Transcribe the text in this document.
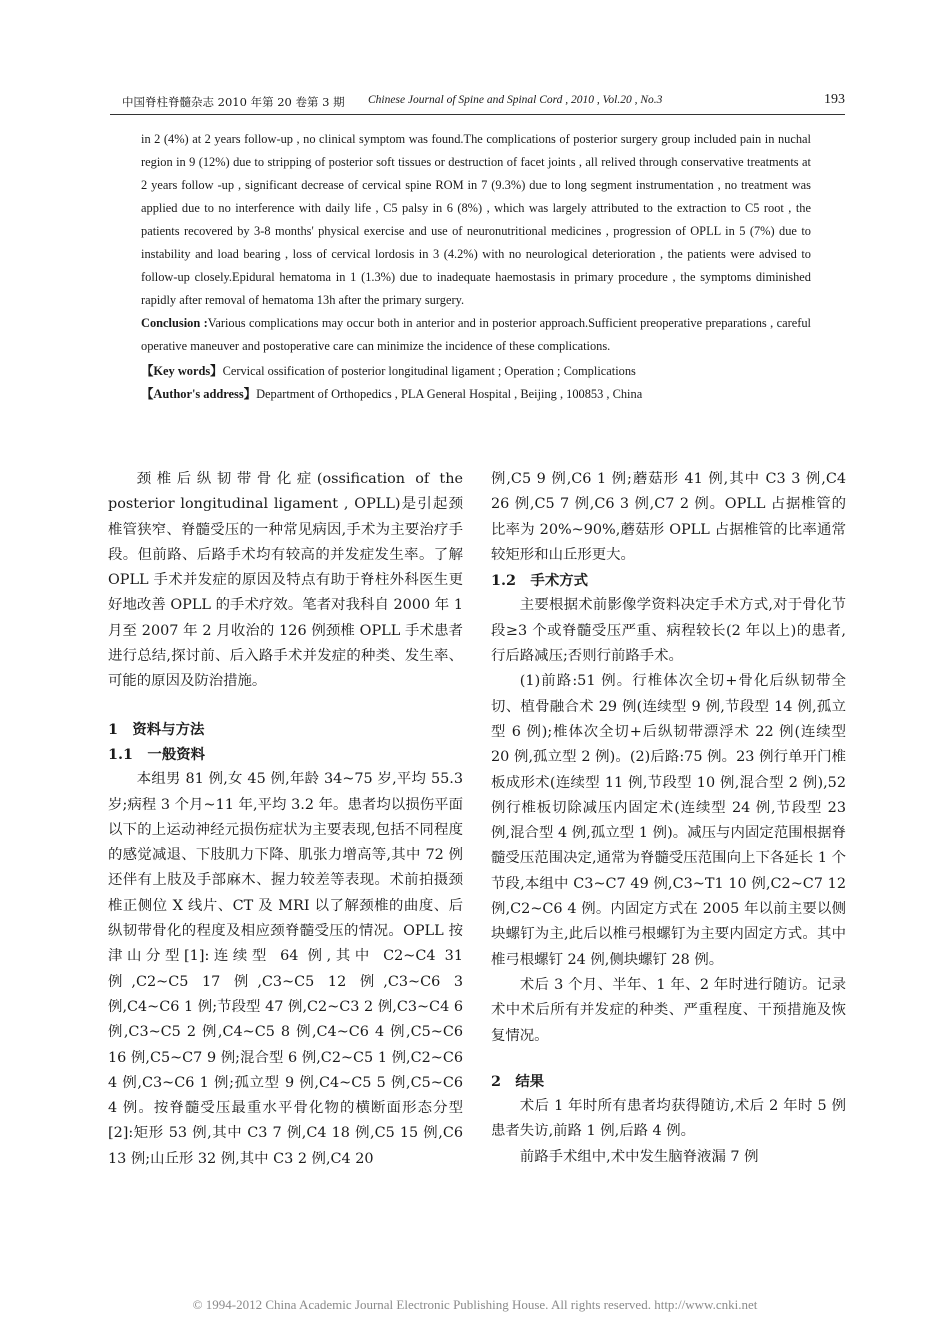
中国脊柱脊髓杂志 2010 年第 20 卷第 3 期 Chinese Journal of Spine and Spinal Cord , 2010 , Vol.20 , No.3	193

in 2 (4%) at 2 years follow-up , no clinical symptom was found.The complications of posterior surgery group included pain in nuchal region in 9 (12%) due to stripping of posterior soft tissues or destruction of facet joints , all relived through conservative treatments at 2 years follow -up , significant decrease of cervical spine ROM in 7 (9.3%) due to long segment instrumentation , no treatment was applied due to no interference with daily life , C5 palsy in 6 (8%) , which was largely attributed to the extraction to C5 root , the patients recovered by 3-8 months' physical exercise and use of neuronutritional medicines , progression of OPLL in 5 (7%) due to instability and load bearing , loss of cervical lordosis in 3 (4.2%) with no neurological deterioration , the patients were advised to follow-up closely.Epidural hematoma in 1 (1.3%) due to inadequate haemostasis in primary procedure , the symptoms diminished rapidly after removal of hematoma 13h after the primary surgery.

Conclusion :Various complications may occur both in anterior and in posterior approach.Sufficient preoperative preparations , careful operative maneuver and postoperative care can minimize the incidence of these complications.

【Key words】Cervical ossification of posterior longitudinal ligament ; Operation ; Complications

【Author's address】Department of Orthopedics , PLA General Hospital , Beijing , 100853 , China

颈椎后纵韧带骨化症(ossification of the posterior longitudinal ligament , OPLL)是引起颈椎管狭窄、脊髓受压的一种常见病因,手术为主要治疗手段。但前路、后路手术均有较高的并发症发生率。了解 OPLL 手术并发症的原因及特点有助于脊柱外科医生更好地改善 OPLL 的手术疗效。笔者对我科自 2000 年 1 月至 2007 年 2 月收治的 126 例颈椎 OPLL 手术患者进行总结,探讨前、后入路手术并发症的种类、发生率、可能的原因及防治措施。

1　资料与方法

1.1　一般资料

本组男 81 例,女 45 例,年龄 34~75 岁,平均 55.3 岁;病程 3 个月~11 年,平均 3.2 年。患者均以损伤平面以下的上运动神经元损伤症状为主要表现,包括不同程度的感觉减退、下肢肌力下降、肌张力增高等,其中 72 例还伴有上肢及手部麻木、握力较差等表现。术前拍摄颈椎正侧位 X 线片、CT 及 MRI 以了解颈椎的曲度、后纵韧带骨化的程度及相应颈脊髓受压的情况。OPLL 按津山分型[1]:连续型 64 例,其中 C2~C4 31 例,C2~C5 17 例,C3~C5 12 例,C3~C6 3 例,C4~C6 1 例;节段型 47 例,C2~C3 2 例,C3~C4 6 例,C3~C5 2 例,C4~C5 8 例,C4~C6 4 例,C5~C6 16 例,C5~C7 9 例;混合型 6 例,C2~C5 1 例,C2~C6 4 例,C3~C6 1 例;孤立型 9 例,C4~C5 5 例,C5~C6 4 例。按脊髓受压最重水平骨化物的横断面形态分型[2]:矩形 53 例,其中 C3 7 例,C4 18 例,C5 15 例,C6 13 例;山丘形 32 例,其中 C3 2 例,C4 20

例,C5 9 例,C6 1 例;蘑菇形 41 例,其中 C3 3 例,C4 26 例,C5 7 例,C6 3 例,C7 2 例。OPLL 占据椎管的比率为 20%~90%,蘑菇形 OPLL 占据椎管的比率通常较矩形和山丘形更大。

1.2　手术方式

主要根据术前影像学资料决定手术方式,对于骨化节段≥3 个或脊髓受压严重、病程较长(2 年以上)的患者,行后路减压;否则行前路手术。

(1)前路:51 例。行椎体次全切+骨化后纵韧带全切、植骨融合术 29 例(连续型 9 例,节段型 14 例,孤立型 6 例);椎体次全切+后纵韧带漂浮术 22 例(连续型 20 例,孤立型 2 例)。(2)后路:75 例。23 例行单开门椎板成形术(连续型 11 例,节段型 10 例,混合型 2 例),52 例行椎板切除减压内固定术(连续型 24 例,节段型 23 例,混合型 4 例,孤立型 1 例)。减压与内固定范围根据脊髓受压范围决定,通常为脊髓受压范围向上下各延长 1 个节段,本组中 C3~C7 49 例,C3~T1 10 例,C2~C7 12 例,C2~C6 4 例。内固定方式在 2005 年以前主要以侧块螺钉为主,此后以椎弓根螺钉为主要内固定方式。其中椎弓根螺钉 24 例,侧块螺钉 28 例。

术后 3 个月、半年、1 年、2 年时进行随访。记录术中术后所有并发症的种类、严重程度、干预措施及恢复情况。

2　结果

术后 1 年时所有患者均获得随访,术后 2 年时 5 例患者失访,前路 1 例,后路 4 例。

前路手术组中,术中发生脑脊液漏 7 例

© 1994-2012 China Academic Journal Electronic Publishing House. All rights reserved. http://www.cnki.net
